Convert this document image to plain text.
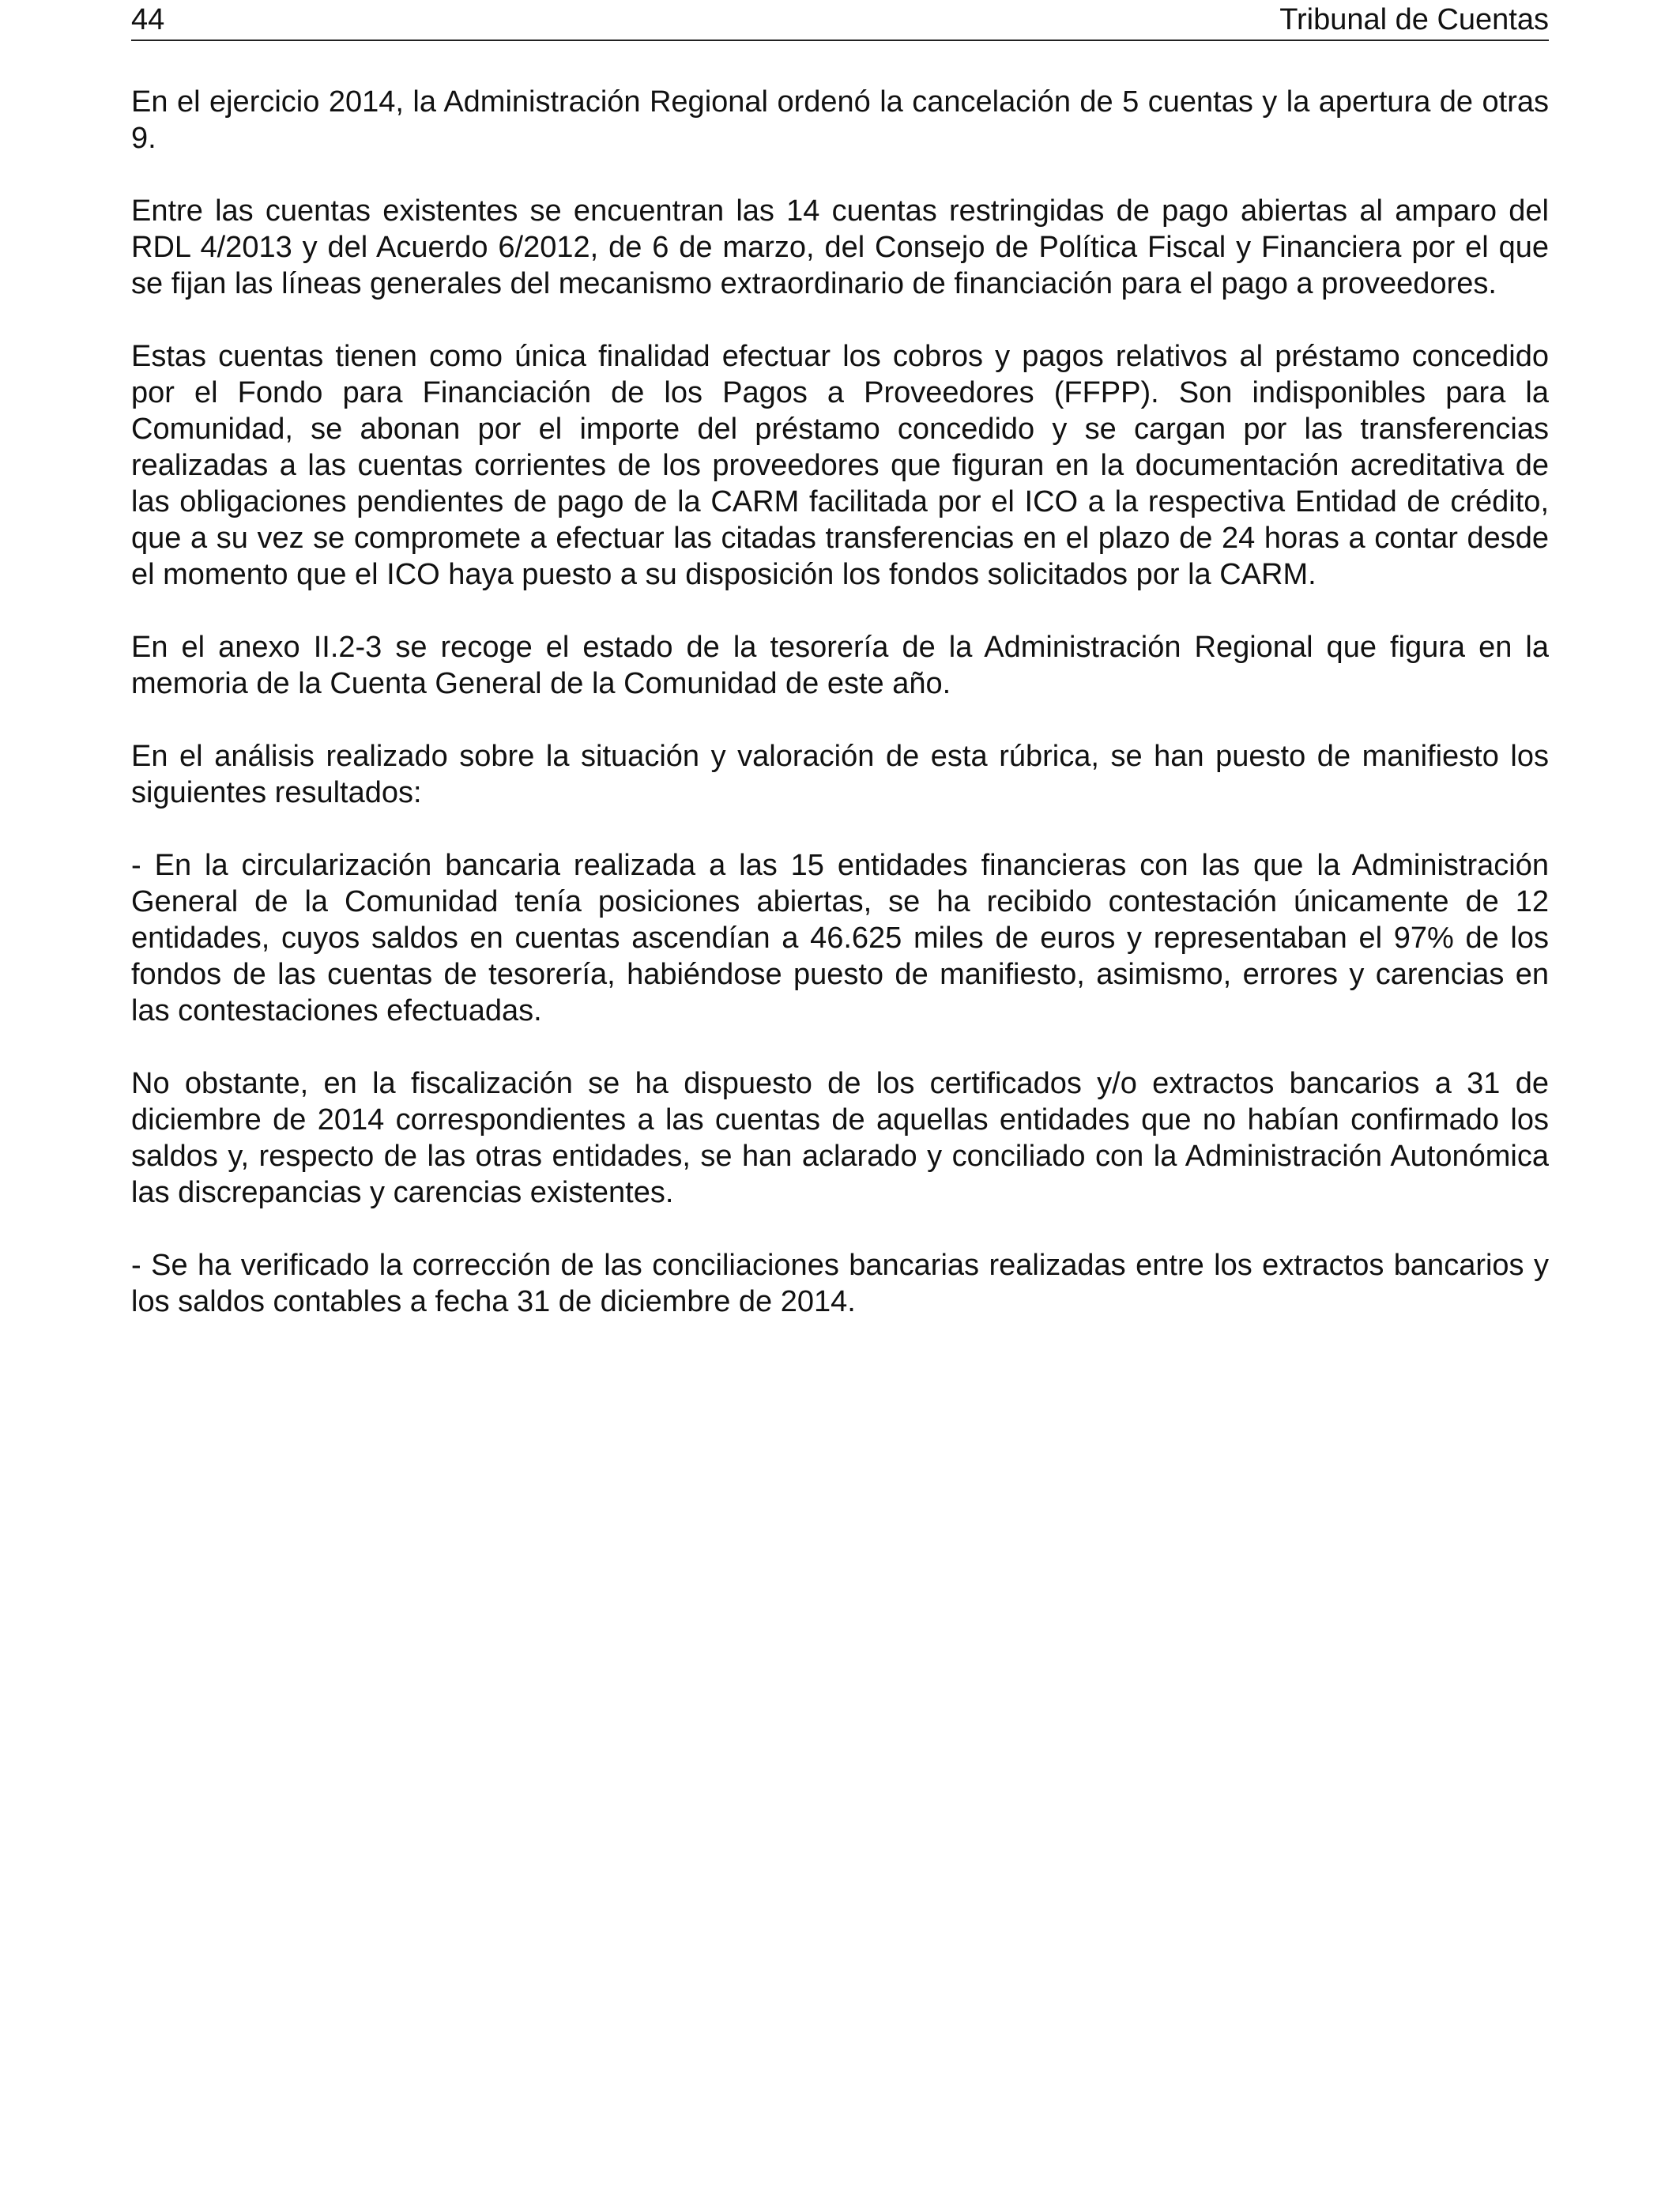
44	Tribunal de Cuentas

En el ejercicio 2014, la Administración Regional ordenó la cancelación de 5 cuentas y la apertura de otras 9.

Entre las cuentas existentes se encuentran las 14 cuentas restringidas de pago abiertas al amparo del RDL 4/2013 y del Acuerdo 6/2012, de 6 de marzo, del Consejo de Política Fiscal y Financiera por el que se fijan las líneas generales del mecanismo extraordinario de financiación para el pago a proveedores.

Estas cuentas tienen como única finalidad efectuar los cobros y pagos relativos al préstamo concedido por el Fondo para Financiación de los Pagos a Proveedores (FFPP). Son indisponibles para la Comunidad, se abonan por el importe del préstamo concedido y se cargan por las transferencias realizadas a las cuentas corrientes de los proveedores que figuran en la documentación acreditativa de las obligaciones pendientes de pago de la CARM facilitada por el ICO a la respectiva Entidad de crédito, que a su vez se compromete a efectuar las citadas transferencias en el plazo de 24 horas a contar desde el momento que el ICO haya puesto a su disposición los fondos solicitados por la CARM.

En el anexo II.2-3 se recoge el estado de la tesorería de la Administración Regional que figura en la memoria de la Cuenta General de la Comunidad de este año.

En el análisis realizado sobre la situación y valoración de esta rúbrica, se han puesto de manifiesto los siguientes resultados:

- En la circularización bancaria realizada a las 15 entidades financieras con las que la Administración General de la Comunidad tenía posiciones abiertas, se ha recibido contestación únicamente de 12 entidades, cuyos saldos en cuentas ascendían a 46.625 miles de euros y representaban el 97% de los fondos de las cuentas de tesorería, habiéndose puesto de manifiesto, asimismo, errores y carencias en las contestaciones efectuadas.

No obstante, en la fiscalización se ha dispuesto de los certificados y/o extractos bancarios a 31 de diciembre de 2014 correspondientes a las cuentas de aquellas entidades que no habían confirmado los saldos y, respecto de las otras entidades, se han aclarado y conciliado con la Administración Autonómica las discrepancias y carencias existentes.

- Se ha verificado la corrección de las conciliaciones bancarias realizadas entre los extractos bancarios y los saldos contables a fecha 31 de diciembre de 2014.
